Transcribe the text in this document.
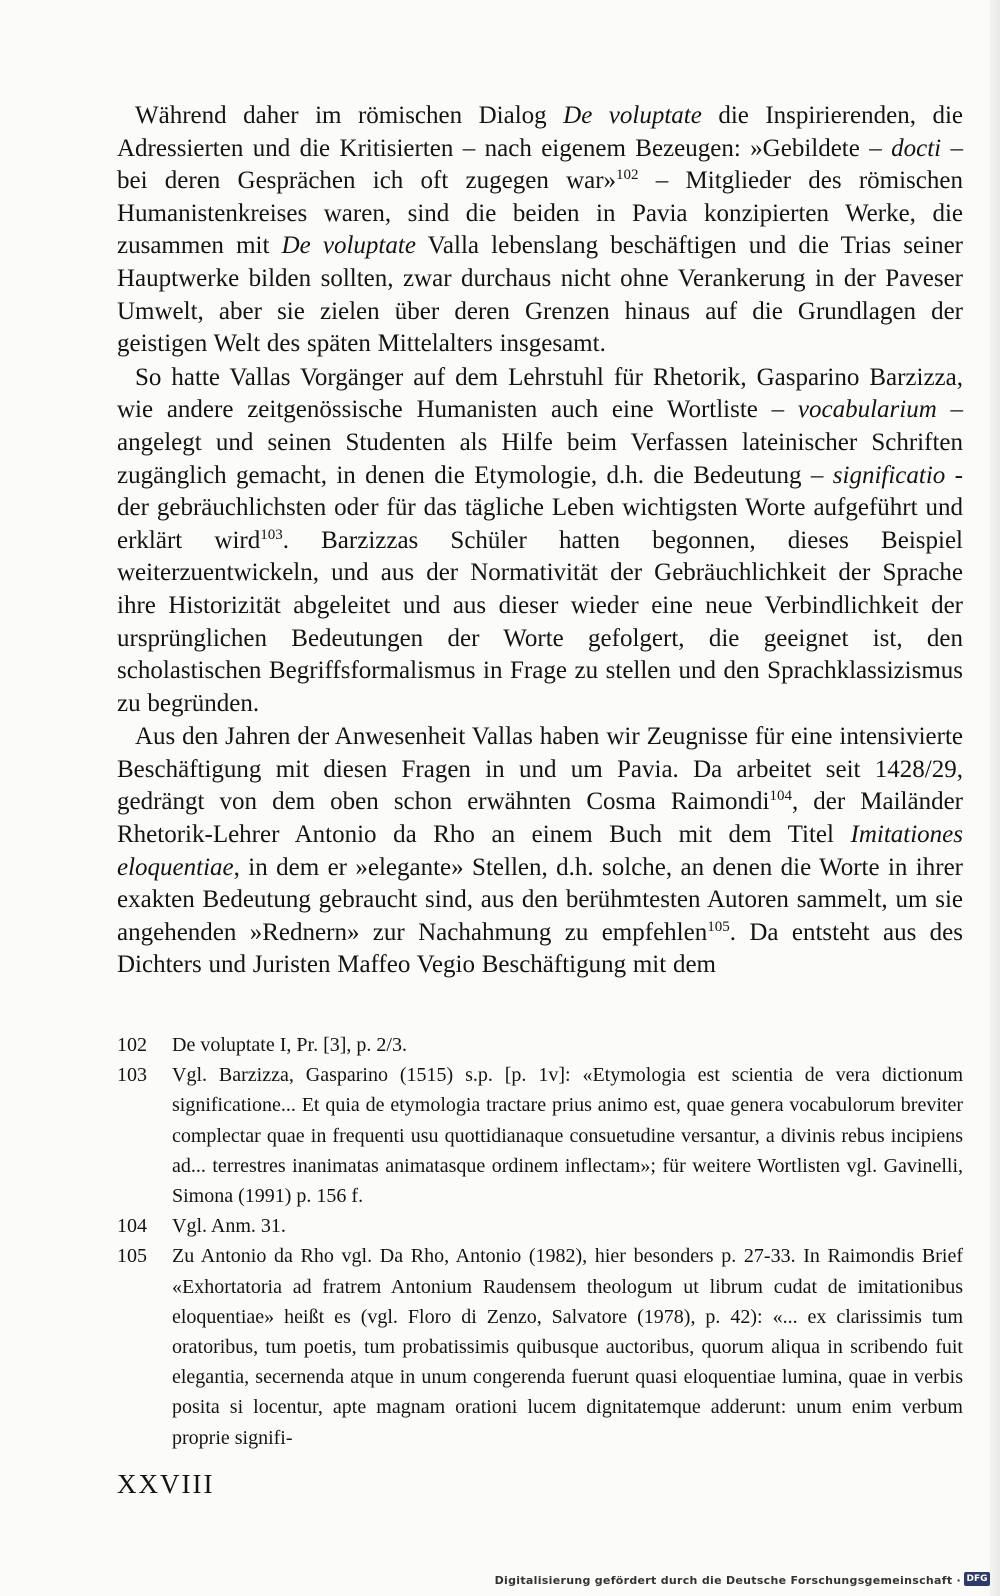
Während daher im römischen Dialog De voluptate die Inspirierenden, die Adressierten und die Kritisierten – nach eigenem Bezeugen: »Gebildete – docti – bei deren Gesprächen ich oft zugegen war»$^{102}$ – Mitglieder des römischen Humanistenkreises waren, sind die beiden in Pavia konzipierten Werke, die zusammen mit De voluptate Valla lebenslang beschäftigen und die Trias seiner Hauptwerke bilden sollten, zwar durchaus nicht ohne Verankerung in der Paveser Umwelt, aber sie zielen über deren Grenzen hinaus auf die Grundlagen der geistigen Welt des späten Mittelalters insgesamt.

So hatte Vallas Vorgänger auf dem Lehrstuhl für Rhetorik, Gasparino Barzizza, wie andere zeitgenössische Humanisten auch eine Wortliste – vocabularium – angelegt und seinen Studenten als Hilfe beim Verfassen lateinischer Schriften zugänglich gemacht, in denen die Etymologie, d.h. die Bedeutung – significatio - der gebräuchlichsten oder für das tägliche Leben wichtigsten Worte aufgeführt und erklärt wird$^{103}$. Barzizzas Schüler hatten begonnen, dieses Beispiel weiterzuentwickeln, und aus der Normativität der Gebräuchlichkeit der Sprache ihre Historizität abgeleitet und aus dieser wieder eine neue Verbindlichkeit der ursprünglichen Bedeutungen der Worte gefolgert, die geeignet ist, den scholastischen Begriffsformalismus in Frage zu stellen und den Sprachklassizismus zu begründen.

Aus den Jahren der Anwesenheit Vallas haben wir Zeugnisse für eine intensivierte Beschäftigung mit diesen Fragen in und um Pavia. Da arbeitet seit 1428/29, gedrängt von dem oben schon erwähnten Cosma Raimondi$^{104}$, der Mailänder Rhetorik-Lehrer Antonio da Rho an einem Buch mit dem Titel Imitationes eloquentiae, in dem er »elegante» Stellen, d.h. solche, an denen die Worte in ihrer exakten Bedeutung gebraucht sind, aus den berühmtesten Autoren sammelt, um sie angehenden »Rednern» zur Nachahmung zu empfehlen$^{105}$. Da entsteht aus des Dichters und Juristen Maffeo Vegio Beschäftigung mit dem

102 De voluptate I, Pr. [3], p. 2/3.

103 Vgl. Barzizza, Gasparino (1515) s.p. [p. 1v]: «Etymologia est scientia de vera dictionum significatione... Et quia de etymologia tractare prius animo est, quae genera vocabulorum breviter complectar quae in frequenti usu quottidianaque consuetudine versantur, a divinis rebus incipiens ad... terrestres inanimatas animatasque ordinem inflectam»; für weitere Wortlisten vgl. Gavinelli, Simona (1991) p. 156 f.

104 Vgl. Anm. 31.

105 Zu Antonio da Rho vgl. Da Rho, Antonio (1982), hier besonders p. 27-33. In Raimondis Brief «Exhortatoria ad fratrem Antonium Raudensem theologum ut librum cudat de imitationibus eloquentiae» heißt es (vgl. Floro di Zenzo, Salvatore (1978), p. 42): «... ex clarissimis tum oratoribus, tum poetis, tum probatissimis quibusque auctoribus, quorum aliqua in scribendo fuit elegantia, secernenda atque in unum congerenda fuerunt quasi eloquentiae lumina, quae in verbis posita si locentur, apte magnam orationi lucem dignitatemque adderunt: unum enim verbum proprie signifi-

XXVIII
Digitalisierung gefördert durch die Deutsche Forschungsgemeinschaft · DFG
